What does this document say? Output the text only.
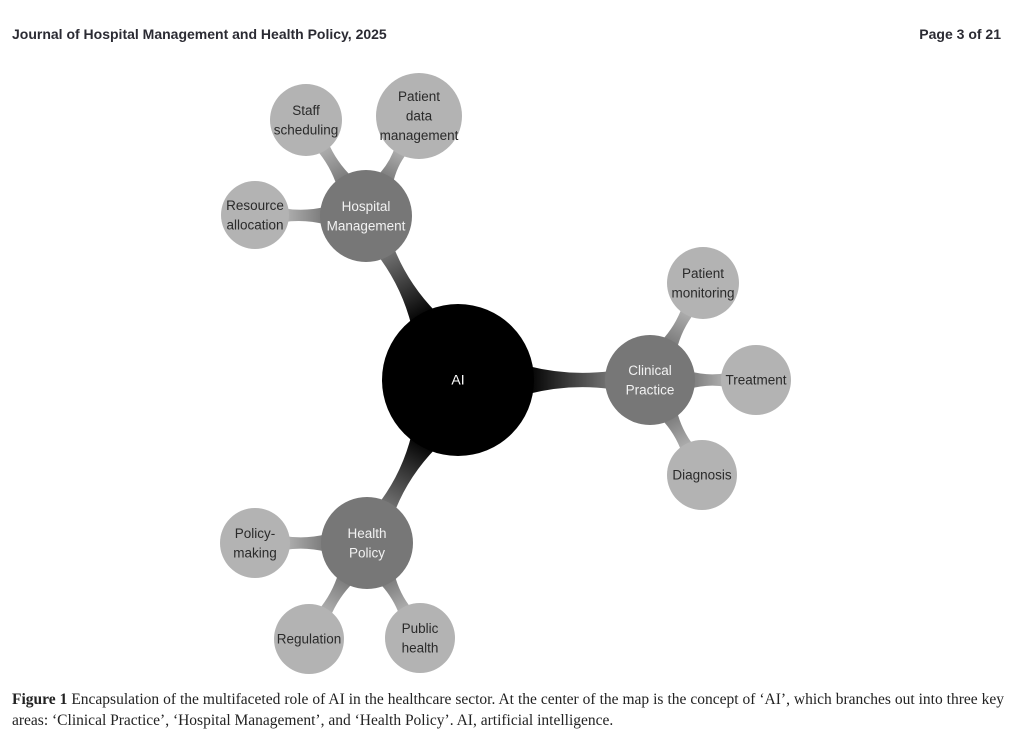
Journal of Hospital Management and Health Policy, 2025	Page 3 of 21
AI
Hospital
Management
Staff
scheduling
Patient
data
management
Resource
allocation
Clinical
Practice
Patient
monitoring
Treatment
Diagnosis
Health
Policy
Policy-
making
Regulation
Public
health
Figure 1 Encapsulation of the multifaceted role of AI in the healthcare sector. At the center of the map is the concept of ‘AI’, which branches out into three key areas: ‘Clinical Practice’, ‘Hospital Management’, and ‘Health Policy’. AI, artificial intelligence.
